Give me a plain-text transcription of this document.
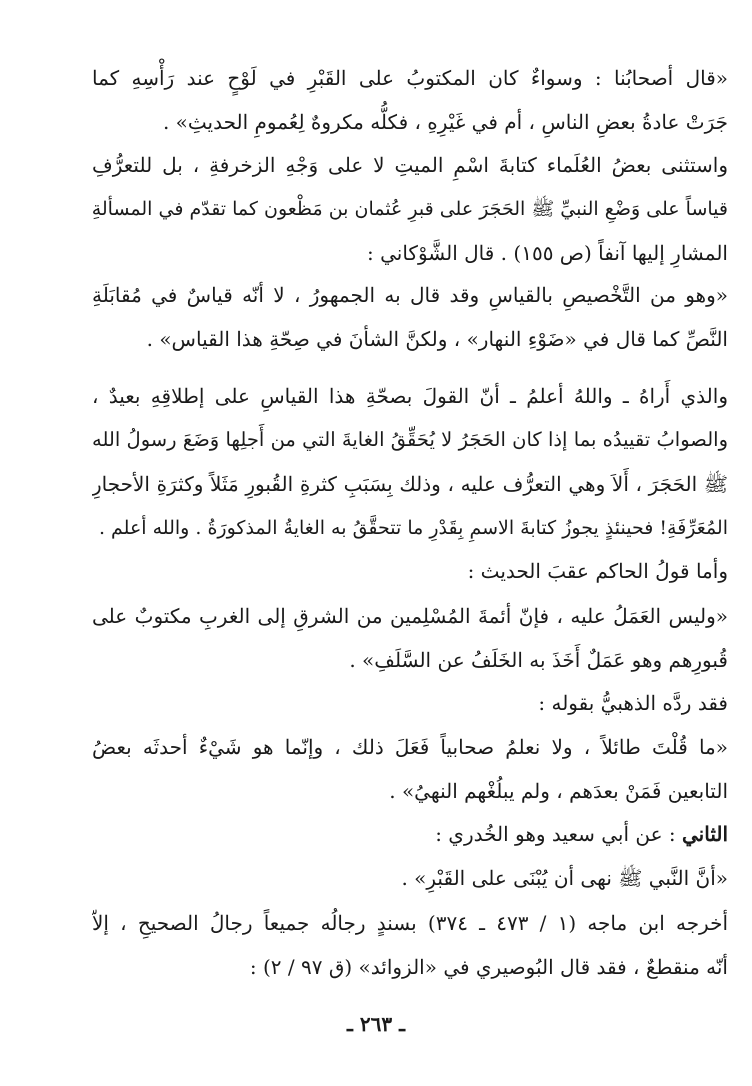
«قال أصحابُنا : وسواءٌ كان المكتوبُ على القَبْرِ في لَوْحٍ عند رَأْسِهِ كما
جَرَتْ عادةُ بعضِ الناسِ ، أم في غَيْرِهِ ، فكلُّه مكروهٌ لِعُمومِ الحديثِ» .
واستثنى بعضُ العُلَماء كتابةَ اسْمِ الميتِ لا على وَجْهِ الزخرفةِ ، بل للتعرُّفِ
قياساً على وَضْعِ النبيِّ ﷺ الحَجَرَ على قبرِ عُثمان بن مَظْعون كما تقدّم في المسألةِ
المشارِ إليها آنفاً (ص ١٥٥) . قال الشَّوْكاني :
«وهو من التَّخْصيصِ بالقياسِ وقد قال به الجمهورُ ، لا أنّه قياسٌ في مُقابَلَةِ
النَّصِّ كما قال في «ضَوْءِ النهار» ، ولكنَّ الشأنَ في صِحّةِ هذا القياس» .
والذي أَراهُ ـ واللهُ أعلمُ ـ أنّ القولَ بصحّةِ هذا القياسِ على إطلاقِهِ بعيدٌ ،
والصوابُ تقييدُه بما إذا كان الحَجَرُ لا يُحَقِّقُ الغايةَ التي من أَجلِها وَضَعَ رسولُ الله
ﷺ الحَجَرَ ، أَلاَ وهي التعرُّف عليه ، وذلك بِسَبَبِ كثرةِ القُبورِ مَثَلاً وكثرَةِ الأحجارِ
المُعَرِّفَةِ! فحينئذٍ يجوزُ كتابةَ الاسمِ بِقَدْرِ ما تتحقَّقُ به الغايةُ المذكورَةُ . والله أعلم .
وأما قولُ الحاكم عقبَ الحديث :
«وليس العَمَلُ عليه ، فإنّ أئمةَ المُسْلِمين من الشرقِ إلى الغربِ مكتوبٌ على
قُبورِهم وهو عَمَلٌ أَخَذَ به الخَلَفُ عن السَّلَفِ» .
فقد ردَّه الذهبيُّ بقوله :
«ما قُلْتَ طائلاً ، ولا نعلمُ صحابياً فَعَلَ ذلك ، وإنّما هو شَيْءٌ أحدثَه بعضُ
التابعين فَمَنْ بعدَهم ، ولم يبلُغْهم النهيُ» .
الثاني : عن أبي سعيد وهو الخُدري :
«أنَّ النَّبي ﷺ نهى أن يُبْنَى على القَبْرِ» .
أخرجه ابن ماجه (١ / ٤٧٣ ـ ٣٧٤) بسندٍ رجالُه جميعاً رجالُ الصحيحِ ، إلاّ
أنّه منقطعٌ ، فقد قال البُوصيري في «الزوائد» (ق ٩٧ / ٢) :
ـ ٢٦٣ ـ
